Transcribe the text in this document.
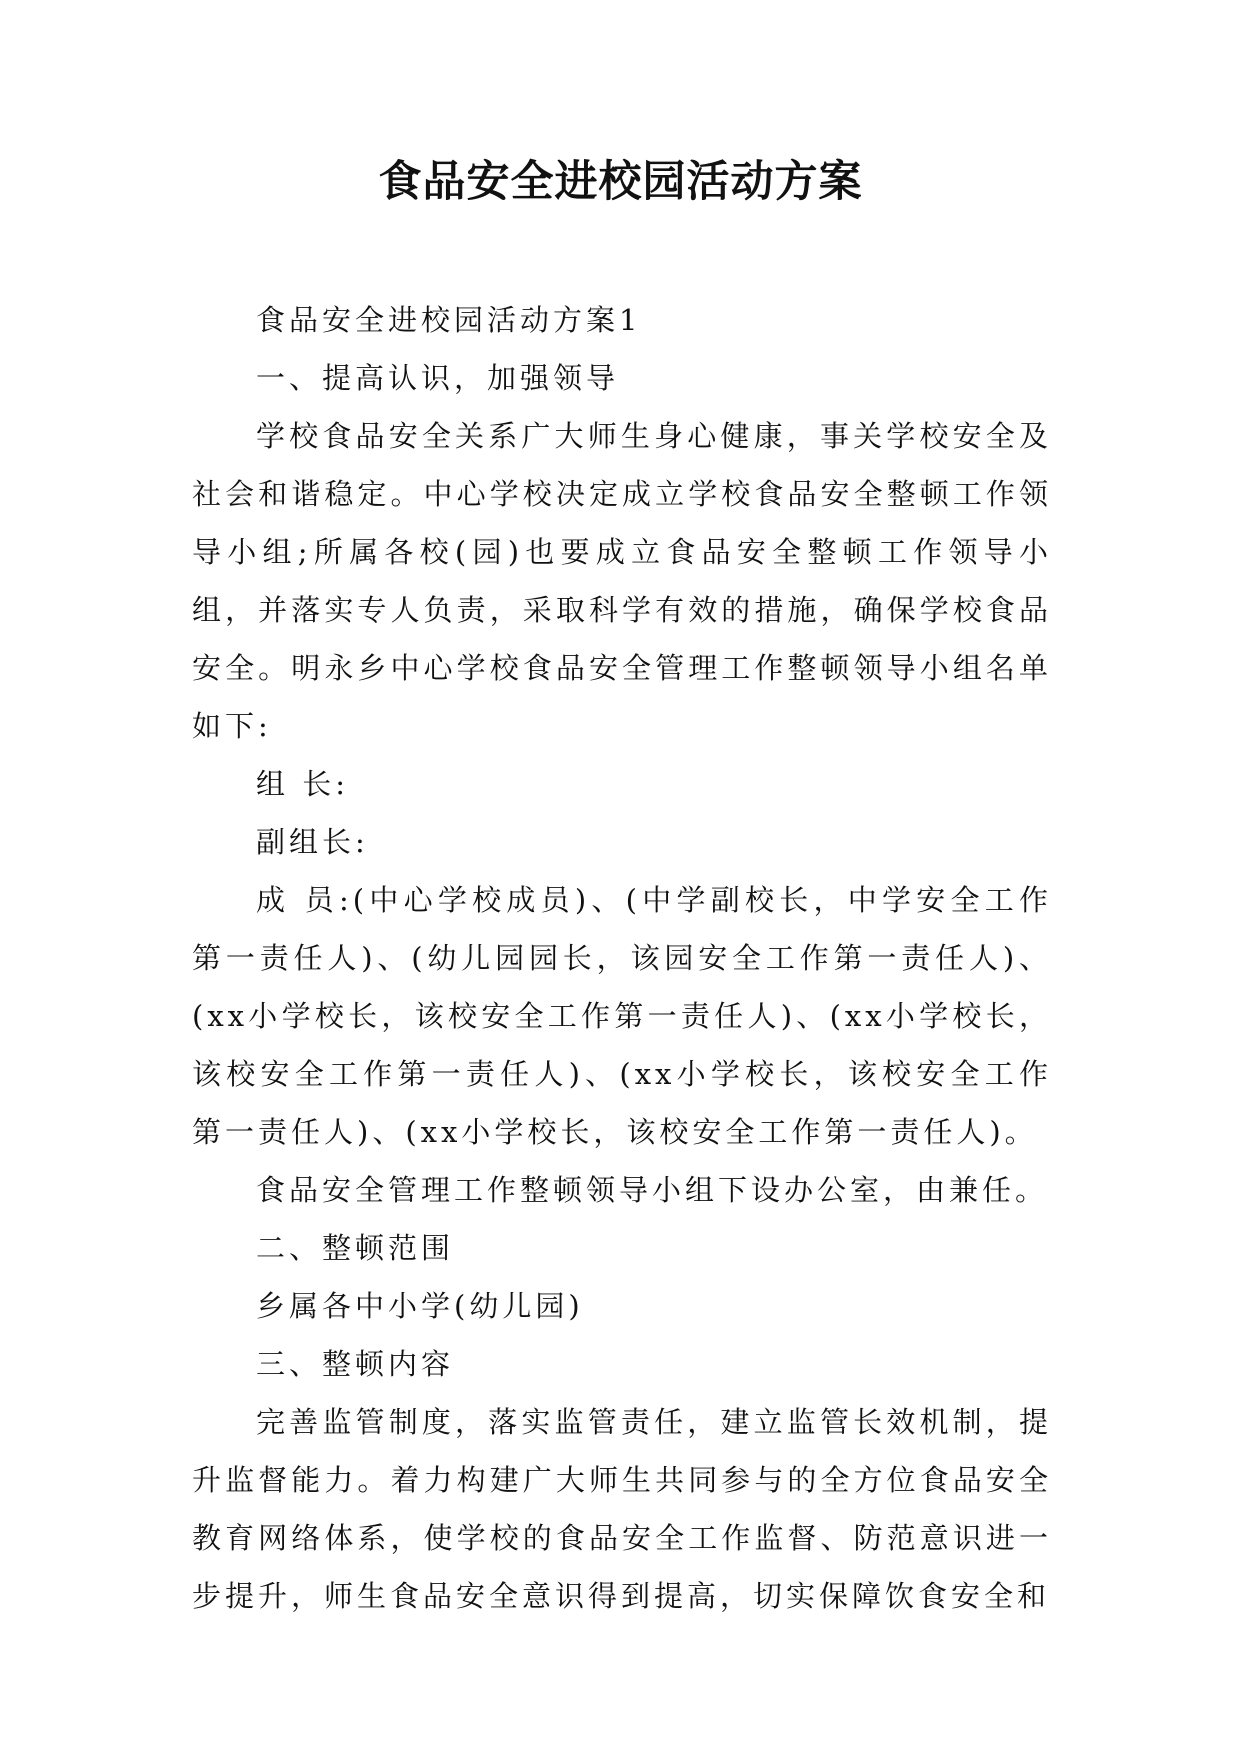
食品安全进校园活动方案

食品安全进校园活动方案1

一、提高认识，加强领导

学校食品安全关系广大师生身心健康，事关学校安全及社会和谐稳定。中心学校决定成立学校食品安全整顿工作领导小组;所属各校(园)也要成立食品安全整顿工作领导小组，并落实专人负责，采取科学有效的措施，确保学校食品安全。明永乡中心学校食品安全管理工作整顿领导小组名单如下:

组 长:

副组长:

成 员:(中心学校成员)、(中学副校长，中学安全工作第一责任人)、(幼儿园园长，该园安全工作第一责任人)、(xx小学校长，该校安全工作第一责任人)、(xx小学校长，该校安全工作第一责任人)、(xx小学校长，该校安全工作第一责任人)、(xx小学校长，该校安全工作第一责任人)。

食品安全管理工作整顿领导小组下设办公室，由兼任。

二、整顿范围

乡属各中小学(幼儿园)

三、整顿内容

完善监管制度，落实监管责任，建立监管长效机制，提升监督能力。着力构建广大师生共同参与的全方位食品安全教育网络体系，使学校的食品安全工作监督、防范意识进一步提升，师生食品安全意识得到提高，切实保障饮食安全和
